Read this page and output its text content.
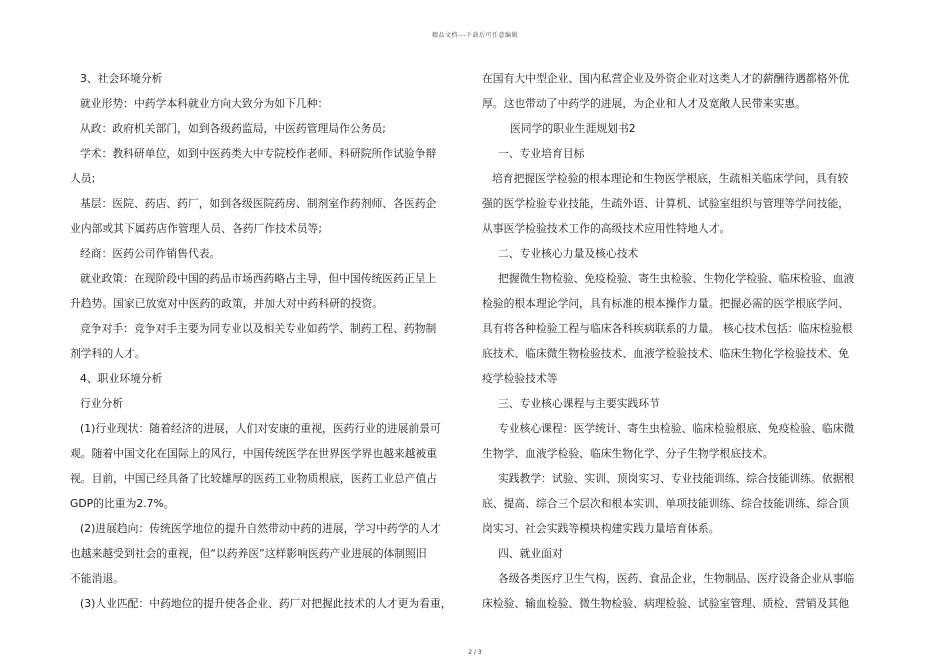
精品文档---下载后可任意编辑
3、社会环境分析
就业形势：中药学本科就业方向大致分为如下几种：
从政：政府机关部门，如到各级药监局，中医药管理局作公务员;
学术：教科研单位，如到中医药类大中专院校作老师、科研院所作试验争辩
人员;
基层：医院、药店、药厂，如到各级医院药房、制剂室作药剂师、各医药企
业内部或其下属药店作管理人员、各药厂作技术员等;
经商：医药公司作销售代表。
就业政策：在现阶段中国的药品市场西药略占主导，但中国传统医药正呈上
升趋势。国家已放宽对中医药的政策，并加大对中药科研的投资。
竞争对手：竞争对手主要为同专业以及相关专业如药学、制药工程、药物制
剂学科的人才。
4、职业环境分析
行业分析
(1)行业现状：随着经济的进展，人们对安康的重视，医药行业的进展前景可
观。随着中国文化在国际上的风行，中国传统医学在世界医学界也越来越被重
视。目前，中国已经具备了比较雄厚的医药工业物质根底，医药工业总产值占
GDP的比重为2.7%。
(2)进展趋向：传统医学地位的提升自然带动中药的进展，学习中药学的人才
也越来越受到社会的重视，但“以药养医”这样影响医药产业进展的体制照旧
不能消退。
(3)人业匹配：中药地位的提升使各企业、药厂对把握此技术的人才更为看重，
在国有大中型企业、国内私营企业及外资企业对这类人才的薪酬待遇都格外优
厚。这也带动了中药学的进展，为企业和人才及宽敞人民带来实惠。
医同学的职业生涯规划书2
一、专业培育目标
培育把握医学检验的根本理论和生物医学根底，生疏相关临床学问，具有较
强的医学检验专业技能，生疏外语、计算机、试验室组织与管理等学问技能，
从事医学检验技术工作的高级技术应用性特地人才。
二、专业核心力量及核心技术
把握微生物检验、免疫检验、寄生虫检验、生物化学检验、临床检验、血液
检验的根本理论学问，具有标准的根本操作力量。把握必需的医学根底学问、
具有将各种检验工程与临床各科疾病联系的力量。 核心技术包括：临床检验根
底技术、临床微生物检验技术、血液学检验技术、临床生物化学检验技术、免
疫学检验技术等
三、专业核心课程与主要实践环节
专业核心课程：医学统计、寄生虫检验、临床检验根底、免疫检验、临床微
生物学、血液学检验、临床生物化学、分子生物学根底技术。
实践教学：试验、实训、顶岗实习、专业技能训练、综合技能训练。依据根
底、提高、综合三个层次和根本实训、单项技能训练、综合技能训练、综合顶
岗实习、社会实践等模块构建实践力量培育体系。
四、就业面对
各级各类医疗卫生气构，医药、食品企业，生物制品、医疗设备企业从事临
床检验、输血检验、微生物检验、病理检验、试验室管理、质检、营销及其他
2 / 3
